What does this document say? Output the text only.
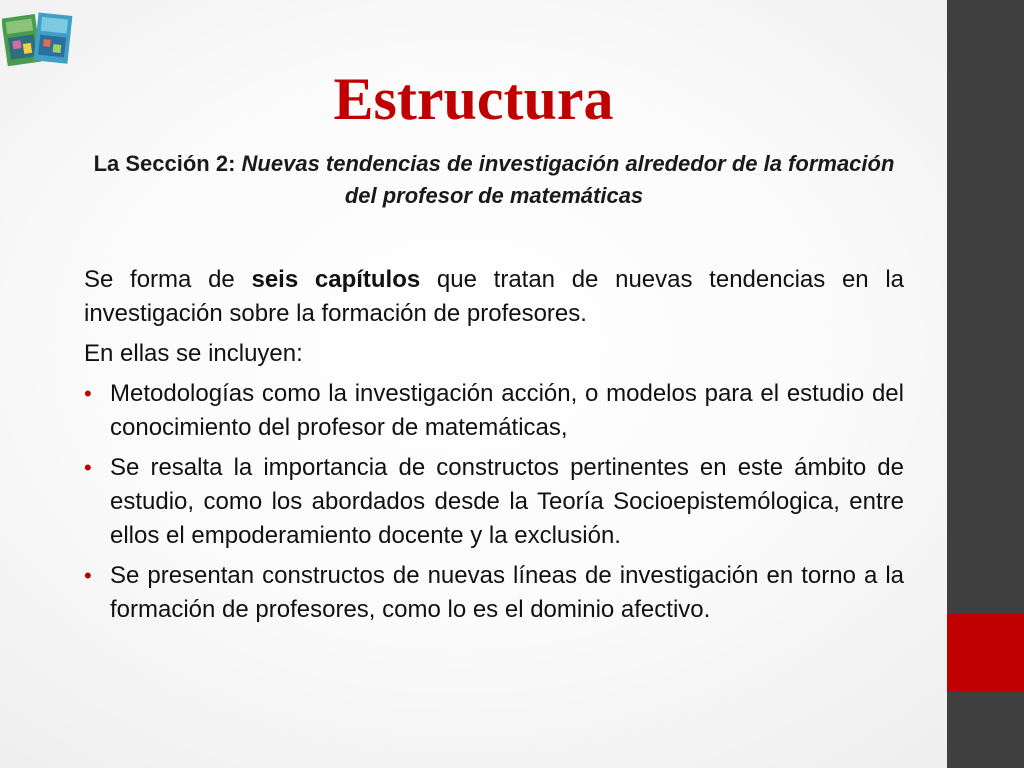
Estructura
La Sección 2: Nuevas tendencias de investigación alrededor de la formación del profesor de matemáticas

Se forma de seis capítulos que tratan de nuevas tendencias en la investigación sobre la formación de profesores.

En ellas se incluyen:

• Metodologías como la investigación acción, o modelos para el estudio del conocimiento del profesor de matemáticas,
• Se resalta la importancia de constructos pertinentes en este ámbito de estudio, como los abordados desde la Teoría Socioepistemólogica, entre ellos el empoderamiento docente y la exclusión.
• Se presentan constructos de nuevas líneas de investigación en torno a la formación de profesores, como lo es el dominio afectivo.
